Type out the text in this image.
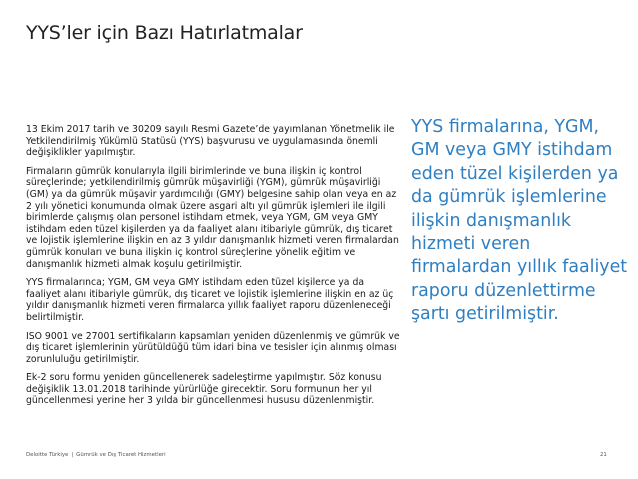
YYS’ler için Bazı Hatırlatmalar

13 Ekim 2017 tarih ve 30209 sayılı Resmi Gazete’de yayımlanan Yönetmelik ile Yetkilendirilmiş Yükümlü Statüsü (YYS) başvurusu ve uygulamasında önemli değişiklikler yapılmıştır.

Firmaların gümrük konularıyla ilgili birimlerinde ve buna ilişkin iç kontrol süreçlerinde; yetkilendirilmiş gümrük müşavirliği (YGM), gümrük müşavirliği (GM) ya da gümrük müşavir yardımcılığı (GMY) belgesine sahip olan veya en az 2 yılı yönetici konumunda olmak üzere asgari altı yıl gümrük işlemleri ile ilgili birimlerde çalışmış olan personel istihdam etmek, veya YGM, GM veya GMY istihdam eden tüzel kişilerden ya da faaliyet alanı itibariyle gümrük, dış ticaret ve lojistik işlemlerine ilişkin en az 3 yıldır danışmanlık hizmeti veren firmalardan gümrük konuları ve buna ilişkin iç kontrol süreçlerine yönelik eğitim ve danışmanlık hizmeti almak koşulu getirilmiştir.

YYS firmalarınca; YGM, GM veya GMY istihdam eden tüzel kişilerce ya da faaliyet alanı itibariyle gümrük, dış ticaret ve lojistik işlemlerine ilişkin en az üç yıldır danışmanlık hizmeti veren firmalarca yıllık faaliyet raporu düzenleneceği belirtilmiştir.

ISO 9001 ve 27001 sertifikaların kapsamları yeniden düzenlenmiş ve gümrük ve dış ticaret işlemlerinin yürütüldüğü tüm idari bina ve tesisler için alınmış olması zorunluluğu getirilmiştir.

Ek-2 soru formu yeniden güncellenerek sadeleştirme yapılmıştır. Söz konusu değişiklik 13.01.2018 tarihinde yürürlüğe girecektir. Soru formunun her yıl güncellenmesi yerine her 3 yılda bir güncellenmesi hususu düzenlenmiştir.

YYS firmalarına, YGM, GM veya GMY istihdam eden tüzel kişilerden ya da gümrük işlemlerine ilişkin danışmanlık hizmeti veren firmalardan yıllık faaliyet raporu düzenlettirme şartı getirilmiştir.
Deloitte Türkiye | Gümrük ve Dış Ticaret Hizmetleri	21
